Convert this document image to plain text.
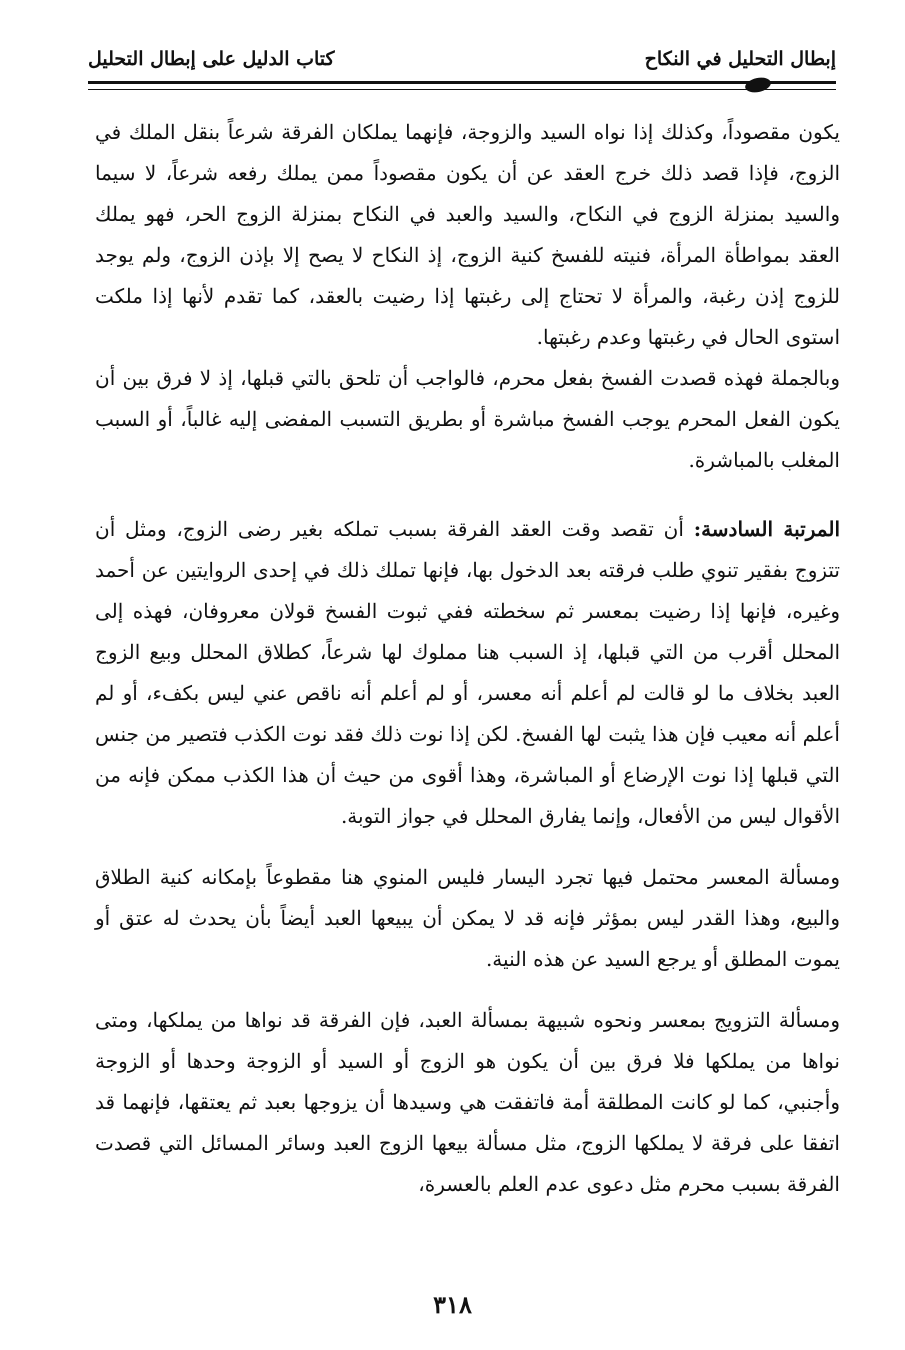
إبطال التحليل في النكاح
كتاب الدليل على إبطال التحليل

يكون مقصوداً، وكذلك إذا نواه السيد والزوجة، فإنهما يملكان الفرقة شرعاً بنقل الملك في الزوج، فإذا قصد ذلك خرج العقد عن أن يكون مقصوداً ممن يملك رفعه شرعاً، لا سيما والسيد بمنزلة الزوج في النكاح، والسيد والعبد في النكاح بمنزلة الزوج الحر، فهو يملك العقد بمواطأة المرأة، فنيته للفسخ كنية الزوج، إذ النكاح لا يصح إلا بإذن الزوج، ولم يوجد للزوج إذن رغبة، والمرأة لا تحتاج إلى رغبتها إذا رضيت بالعقد، كما تقدم لأنها إذا ملكت استوى الحال في رغبتها وعدم رغبتها.

وبالجملة فهذه قصدت الفسخ بفعل محرم، فالواجب أن تلحق بالتي قبلها، إذ لا فرق بين أن يكون الفعل المحرم يوجب الفسخ مباشرة أو بطريق التسبب المفضى إليه غالباً، أو السبب المغلب بالمباشرة.

المرتبة السادسة: أن تقصد وقت العقد الفرقة بسبب تملكه بغير رضى الزوج، ومثل أن تتزوج بفقير تنوي طلب فرقته بعد الدخول بها، فإنها تملك ذلك في إحدى الروايتين عن أحمد وغيره، فإنها إذا رضيت بمعسر ثم سخطته ففي ثبوت الفسخ قولان معروفان، فهذه إلى المحلل أقرب من التي قبلها، إذ السبب هنا مملوك لها شرعاً، كطلاق المحلل وبيع الزوج العبد بخلاف ما لو قالت لم أعلم أنه معسر، أو لم أعلم أنه ناقص عني ليس بكفء، أو لم أعلم أنه معيب فإن هذا يثبت لها الفسخ. لكن إذا نوت ذلك فقد نوت الكذب فتصير من جنس التي قبلها إذا نوت الإرضاع أو المباشرة، وهذا أقوى من حيث أن هذا الكذب ممكن فإنه من الأقوال ليس من الأفعال، وإنما يفارق المحلل في جواز التوبة.

ومسألة المعسر محتمل فيها تجرد اليسار فليس المنوي هنا مقطوعاً بإمكانه كنية الطلاق والبيع، وهذا القدر ليس بمؤثر فإنه قد لا يمكن أن يبيعها العبد أيضاً بأن يحدث له عتق أو يموت المطلق أو يرجع السيد عن هذه النية.

ومسألة التزويج بمعسر ونحوه شبيهة بمسألة العبد، فإن الفرقة قد نواها من يملكها، ومتى نواها من يملكها فلا فرق بين أن يكون هو الزوج أو السيد أو الزوجة وحدها أو الزوجة وأجنبي، كما لو كانت المطلقة أمة فاتفقت هي وسيدها أن يزوجها بعبد ثم يعتقها، فإنهما قد اتفقا على فرقة لا يملكها الزوج، مثل مسألة بيعها الزوج العبد وسائر المسائل التي قصدت الفرقة بسبب محرم مثل دعوى عدم العلم بالعسرة،

٣١٨
